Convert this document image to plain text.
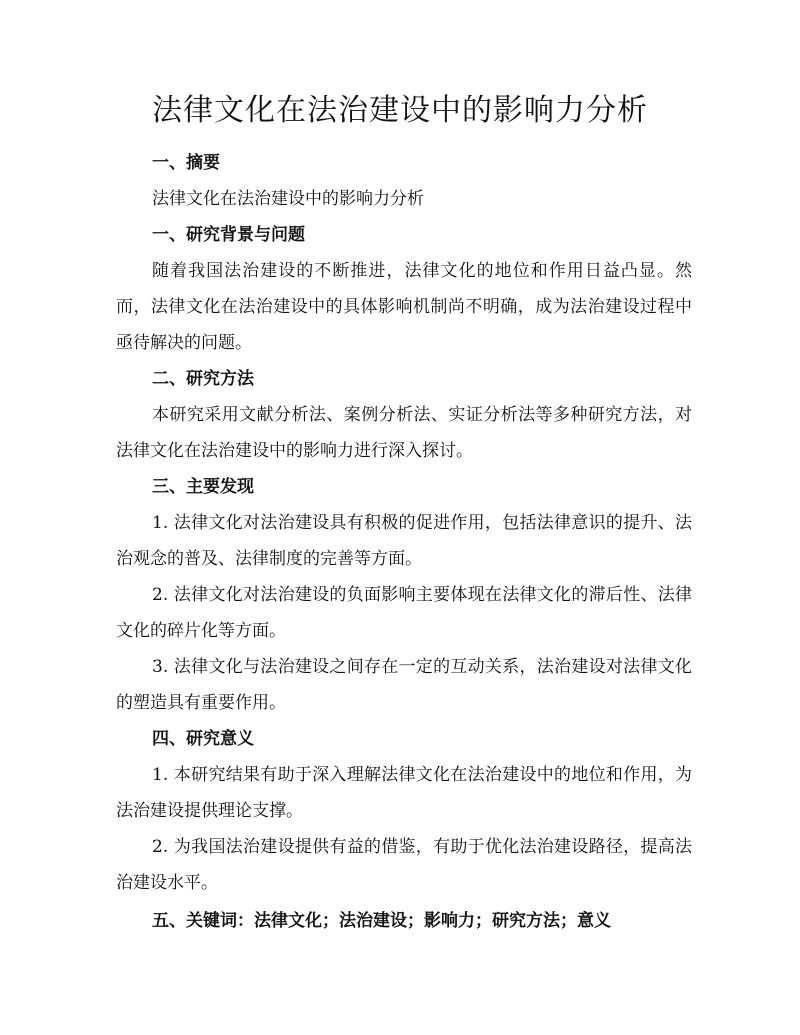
法律文化在法治建设中的影响力分析

一、摘要

法律文化在法治建设中的影响力分析

一、研究背景与问题

随着我国法治建设的不断推进，法律文化的地位和作用日益凸显。然而，法律文化在法治建设中的具体影响机制尚不明确，成为法治建设过程中亟待解决的问题。

二、研究方法

本研究采用文献分析法、案例分析法、实证分析法等多种研究方法，对法律文化在法治建设中的影响力进行深入探讨。

三、主要发现

1. 法律文化对法治建设具有积极的促进作用，包括法律意识的提升、法治观念的普及、法律制度的完善等方面。

2. 法律文化对法治建设的负面影响主要体现在法律文化的滞后性、法律文化的碎片化等方面。

3. 法律文化与法治建设之间存在一定的互动关系，法治建设对法律文化的塑造具有重要作用。

四、研究意义

1. 本研究结果有助于深入理解法律文化在法治建设中的地位和作用，为法治建设提供理论支撑。

2. 为我国法治建设提供有益的借鉴，有助于优化法治建设路径，提高法治建设水平。

五、关键词：法律文化；法治建设；影响力；研究方法；意义
